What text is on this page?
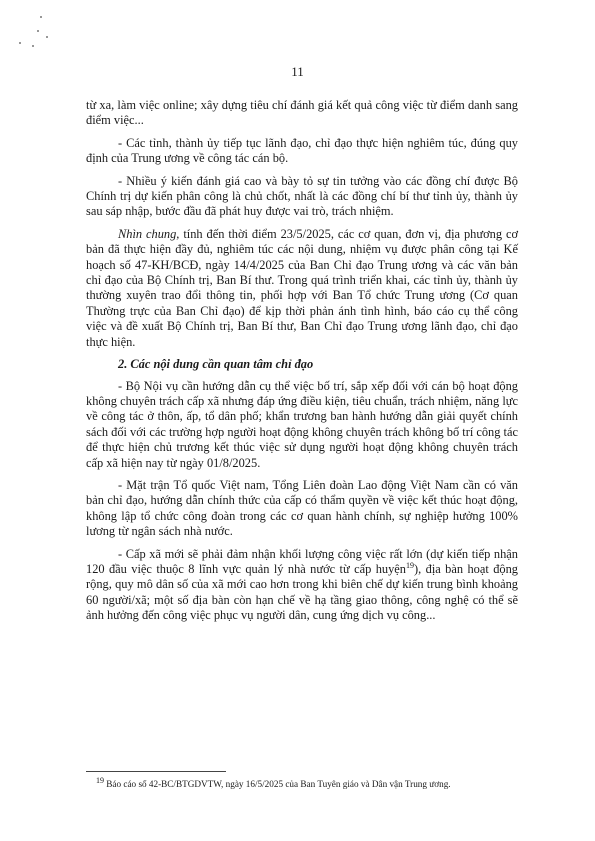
11

từ xa, làm việc online; xây dựng tiêu chí đánh giá kết quả công việc từ điểm danh sang điểm việc...

- Các tỉnh, thành ủy tiếp tục lãnh đạo, chỉ đạo thực hiện nghiêm túc, đúng quy định của Trung ương về công tác cán bộ.

- Nhiều ý kiến đánh giá cao và bày tỏ sự tin tưởng vào các đồng chí được Bộ Chính trị dự kiến phân công là chủ chốt, nhất là các đồng chí bí thư tỉnh ủy, thành ủy sau sáp nhập, bước đầu đã phát huy được vai trò, trách nhiệm.

Nhìn chung, tính đến thời điểm 23/5/2025, các cơ quan, đơn vị, địa phương cơ bản đã thực hiện đầy đủ, nghiêm túc các nội dung, nhiệm vụ được phân công tại Kế hoạch số 47-KH/BCĐ, ngày 14/4/2025 của Ban Chỉ đạo Trung ương và các văn bản chỉ đạo của Bộ Chính trị, Ban Bí thư. Trong quá trình triển khai, các tỉnh ủy, thành ủy thường xuyên trao đổi thông tin, phối hợp với Ban Tổ chức Trung ương (Cơ quan Thường trực của Ban Chỉ đạo) để kịp thời phản ánh tình hình, báo cáo cụ thể công việc và đề xuất Bộ Chính trị, Ban Bí thư, Ban Chỉ đạo Trung ương lãnh đạo, chỉ đạo thực hiện.

2. Các nội dung cần quan tâm chỉ đạo

- Bộ Nội vụ cần hướng dẫn cụ thể việc bố trí, sắp xếp đối với cán bộ hoạt động không chuyên trách cấp xã nhưng đáp ứng điều kiện, tiêu chuẩn, trách nhiệm, năng lực về công tác ở thôn, ấp, tổ dân phố; khẩn trương ban hành hướng dẫn giải quyết chính sách đối với các trường hợp người hoạt động không chuyên trách không bố trí công tác để thực hiện chủ trương kết thúc việc sử dụng người hoạt động không chuyên trách cấp xã hiện nay từ ngày 01/8/2025.

- Mặt trận Tổ quốc Việt nam, Tổng Liên đoàn Lao động Việt Nam cần có văn bản chỉ đạo, hướng dẫn chính thức của cấp có thẩm quyền về việc kết thúc hoạt động, không lập tổ chức công đoàn trong các cơ quan hành chính, sự nghiệp hưởng 100% lương từ ngân sách nhà nước.

- Cấp xã mới sẽ phải đảm nhận khối lượng công việc rất lớn (dự kiến tiếp nhận 120 đầu việc thuộc 8 lĩnh vực quản lý nhà nước từ cấp huyện$^{19}$), địa bàn hoạt động rộng, quy mô dân số của xã mới cao hơn trong khi biên chế dự kiến trung bình khoảng 60 người/xã; một số địa bàn còn hạn chế về hạ tầng giao thông, công nghệ có thể sẽ ảnh hưởng đến công việc phục vụ người dân, cung ứng dịch vụ công...

$^{19}$ Báo cáo số 42-BC/BTGDVTW, ngày 16/5/2025 của Ban Tuyên giáo và Dân vận Trung ương.
